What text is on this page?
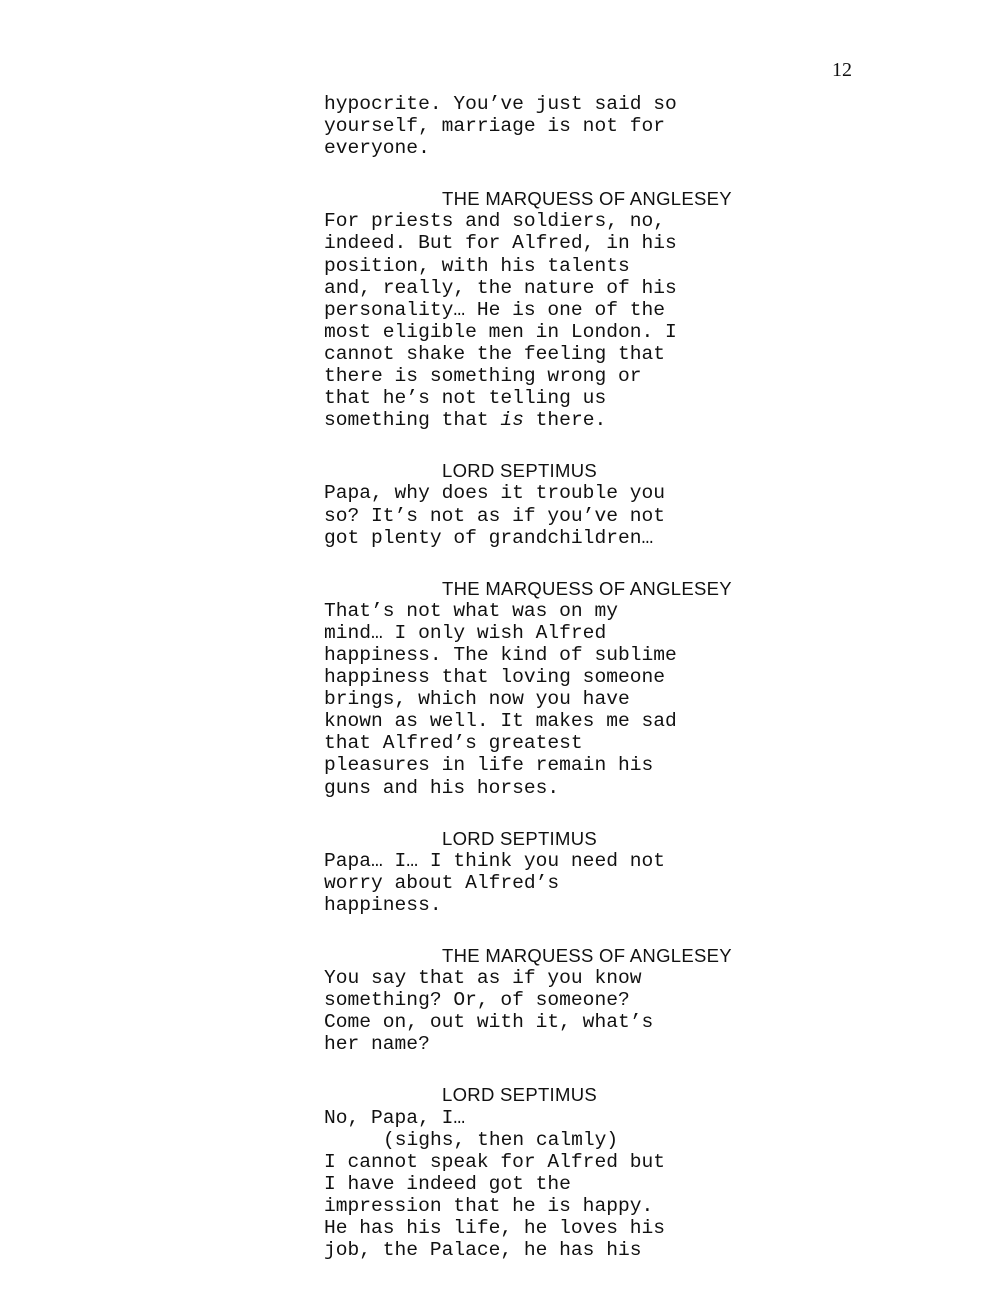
12
hypocrite. You’ve just said so
yourself, marriage is not for
everyone.
THE MARQUESS OF ANGLESEY
For priests and soldiers, no,
indeed. But for Alfred, in his
position, with his talents
and, really, the nature of his
personality… He is one of the
most eligible men in London. I
cannot shake the feeling that
there is something wrong or
that he’s not telling us
something that is there.
LORD SEPTIMUS
Papa, why does it trouble you
so? It’s not as if you’ve not
got plenty of grandchildren…
THE MARQUESS OF ANGLESEY
That’s not what was on my
mind… I only wish Alfred
happiness. The kind of sublime
happiness that loving someone
brings, which now you have
known as well. It makes me sad
that Alfred’s greatest
pleasures in life remain his
guns and his horses.
LORD SEPTIMUS
Papa… I… I think you need not
worry about Alfred’s
happiness.
THE MARQUESS OF ANGLESEY
You say that as if you know
something? Or, of someone?
Come on, out with it, what’s
her name?
LORD SEPTIMUS
No, Papa, I…
(sighs, then calmly)
I cannot speak for Alfred but
I have indeed got the
impression that he is happy.
He has his life, he loves his
job, the Palace, he has his
